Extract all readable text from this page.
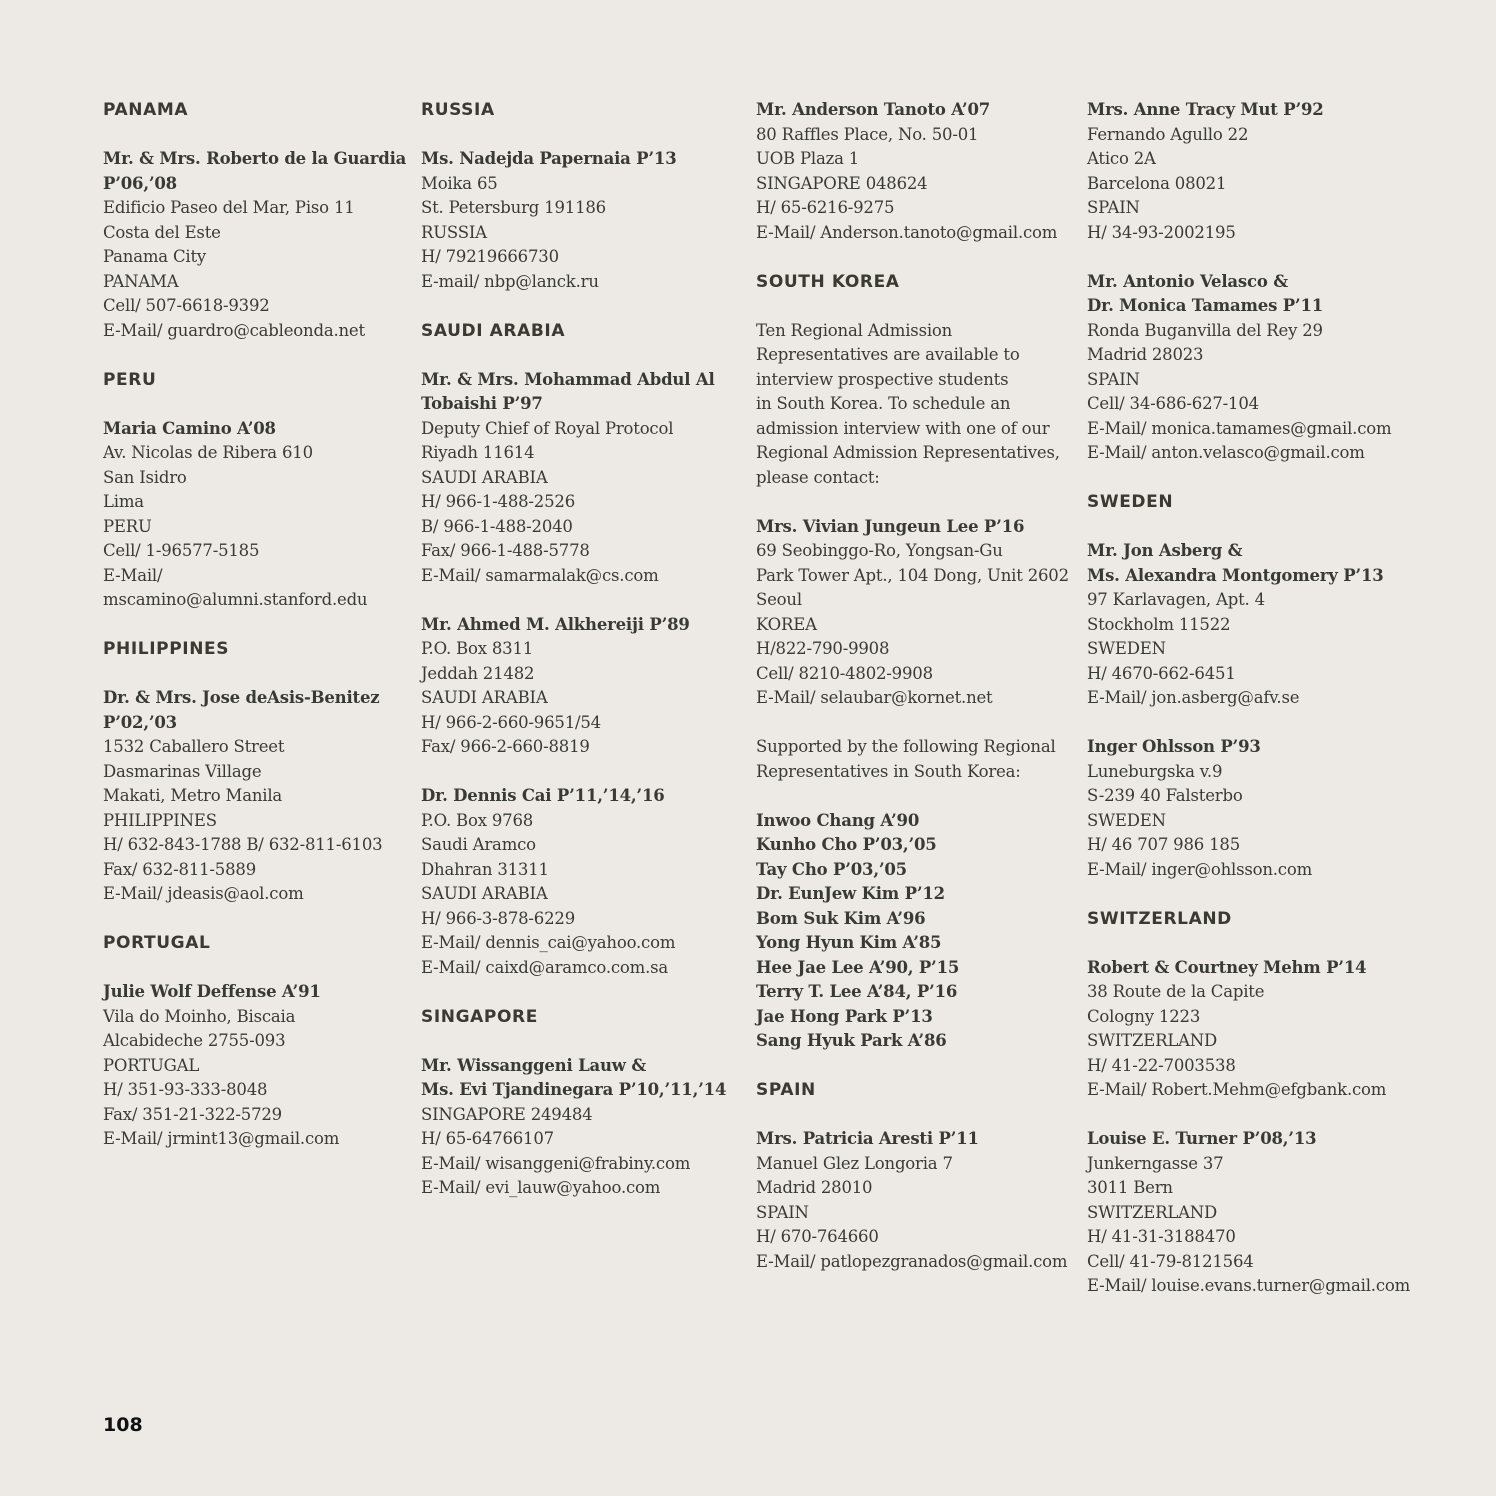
PANAMA
Mr. & Mrs. Roberto de la Guardia
P’06,’08
Edificio Paseo del Mar, Piso 11
Costa del Este
Panama City
PANAMA
Cell/ 507-6618-9392
E-Mail/ guardro@cableonda.net
PERU
Maria Camino A’08
Av. Nicolas de Ribera 610
San Isidro
Lima
PERU
Cell/ 1-96577-5185
E-Mail/
mscamino@alumni.stanford.edu
PHILIPPINES
Dr. & Mrs. Jose deAsis-Benitez
P’02,’03
1532 Caballero Street
Dasmarinas Village
Makati, Metro Manila
PHILIPPINES
H/ 632-843-1788 B/ 632-811-6103
Fax/ 632-811-5889
E-Mail/ jdeasis@aol.com
PORTUGAL
Julie Wolf Deffense A’91
Vila do Moinho, Biscaia
Alcabideche 2755-093
PORTUGAL
H/ 351-93-333-8048
Fax/ 351-21-322-5729
E-Mail/ jrmint13@gmail.com
RUSSIA
Ms. Nadejda Papernaia P’13
Moika 65
St. Petersburg 191186
RUSSIA
H/ 79219666730
E-mail/ nbp@lanck.ru
SAUDI ARABIA
Mr. & Mrs. Mohammad Abdul Al
Tobaishi P’97
Deputy Chief of Royal Protocol
Riyadh 11614
SAUDI ARABIA
H/ 966-1-488-2526
B/ 966-1-488-2040
Fax/ 966-1-488-5778
E-Mail/ samarmalak@cs.com
Mr. Ahmed M. Alkhereiji P’89
P.O. Box 8311
Jeddah 21482
SAUDI ARABIA
H/ 966-2-660-9651/54
Fax/ 966-2-660-8819
Dr. Dennis Cai P’11,’14,’16
P.O. Box 9768
Saudi Aramco
Dhahran 31311
SAUDI ARABIA
H/ 966-3-878-6229
E-Mail/ dennis_cai@yahoo.com
E-Mail/ caixd@aramco.com.sa
SINGAPORE
Mr. Wissanggeni Lauw &
Ms. Evi Tjandinegara P’10,’11,’14
SINGAPORE 249484
H/ 65-64766107
E-Mail/ wisanggeni@frabiny.com
E-Mail/ evi_lauw@yahoo.com
Mr. Anderson Tanoto A’07
80 Raffles Place, No. 50-01
UOB Plaza 1
SINGAPORE 048624
H/ 65-6216-9275
E-Mail/ Anderson.tanoto@gmail.com
SOUTH KOREA
Ten Regional Admission
Representatives are available to
interview prospective students
in South Korea. To schedule an
admission interview with one of our
Regional Admission Representatives,
please contact:
Mrs. Vivian Jungeun Lee P’16
69 Seobinggo-Ro, Yongsan-Gu
Park Tower Apt., 104 Dong, Unit 2602
Seoul
KOREA
H/822-790-9908
Cell/ 8210-4802-9908
E-Mail/ selaubar@kornet.net
Supported by the following Regional
Representatives in South Korea:
Inwoo Chang A’90
Kunho Cho P’03,’05
Tay Cho P’03,’05
Dr. EunJew Kim P’12
Bom Suk Kim A’96
Yong Hyun Kim A’85
Hee Jae Lee A’90, P’15
Terry T. Lee A’84, P’16
Jae Hong Park P’13
Sang Hyuk Park A’86
SPAIN
Mrs. Patricia Aresti P’11
Manuel Glez Longoria 7
Madrid 28010
SPAIN
H/ 670-764660
E-Mail/ patlopezgranados@gmail.com
Mrs. Anne Tracy Mut P’92
Fernando Agullo 22
Atico 2A
Barcelona 08021
SPAIN
H/ 34-93-2002195
Mr. Antonio Velasco &
Dr. Monica Tamames P’11
Ronda Buganvilla del Rey 29
Madrid 28023
SPAIN
Cell/ 34-686-627-104
E-Mail/ monica.tamames@gmail.com
E-Mail/ anton.velasco@gmail.com
SWEDEN
Mr. Jon Asberg &
Ms. Alexandra Montgomery P’13
97 Karlavagen, Apt. 4
Stockholm 11522
SWEDEN
H/ 4670-662-6451
E-Mail/ jon.asberg@afv.se
Inger Ohlsson P’93
Luneburgska v.9
S-239 40 Falsterbo
SWEDEN
H/ 46 707 986 185
E-Mail/ inger@ohlsson.com
SWITZERLAND
Robert & Courtney Mehm P’14
38 Route de la Capite
Cologny 1223
SWITZERLAND
H/ 41-22-7003538
E-Mail/ Robert.Mehm@efgbank.com
Louise E. Turner P’08,’13
Junkerngasse 37
3011 Bern
SWITZERLAND
H/ 41-31-3188470
Cell/ 41-79-8121564
E-Mail/ louise.evans.turner@gmail.com
108
